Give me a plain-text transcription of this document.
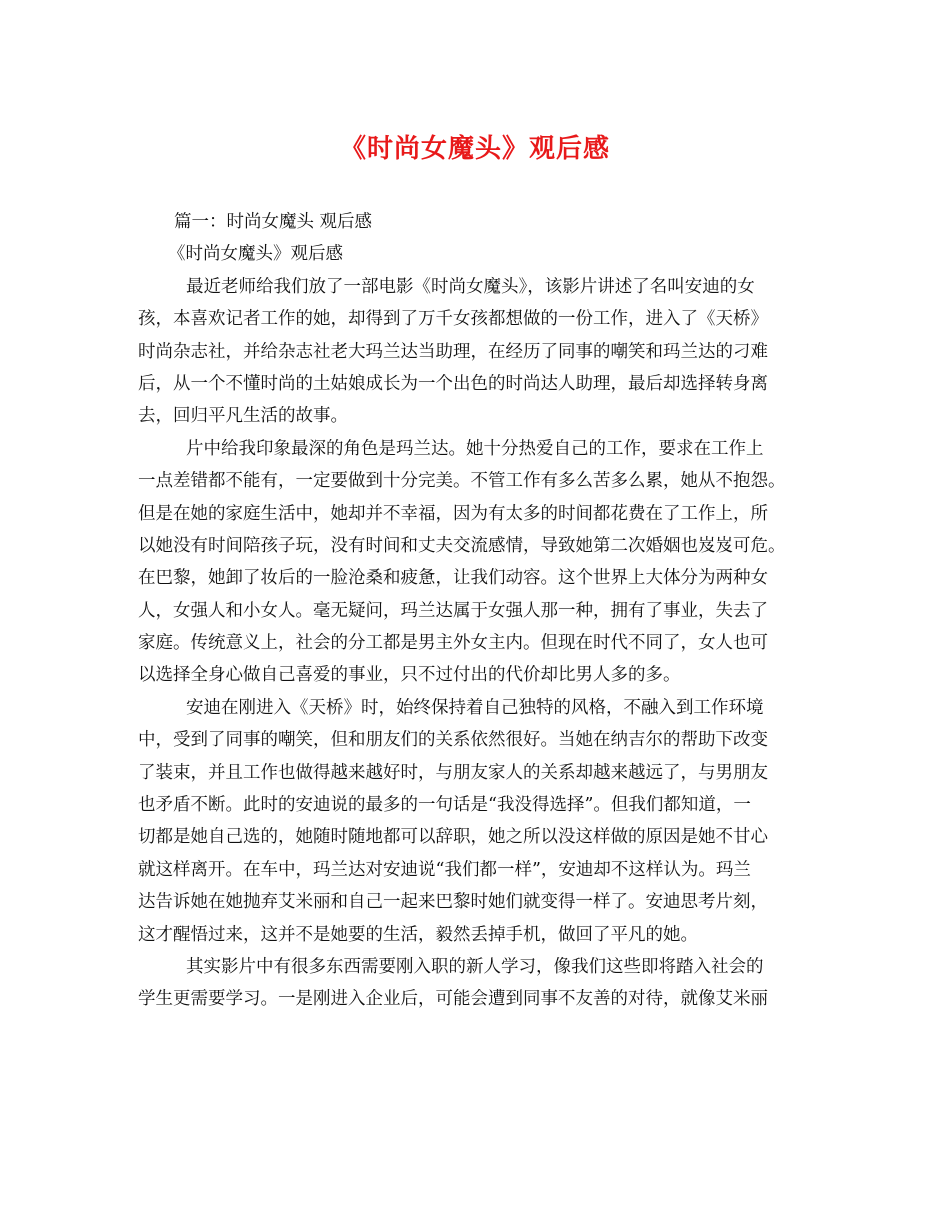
《时尚女魔头》观后感
篇一：时尚女魔头 观后感
《时尚女魔头》观后感
最近老师给我们放了一部电影《时尚女魔头》，该影片讲述了名叫安迪的女
孩，本喜欢记者工作的她，却得到了万千女孩都想做的一份工作，进入了《天桥》
时尚杂志社，并给杂志社老大玛兰达当助理，在经历了同事的嘲笑和玛兰达的刁难
后，从一个不懂时尚的土姑娘成长为一个出色的时尚达人助理，最后却选择转身离
去，回归平凡生活的故事。
片中给我印象最深的角色是玛兰达。她十分热爱自己的工作，要求在工作上
一点差错都不能有，一定要做到十分完美。不管工作有多么苦多么累，她从不抱怨。
但是在她的家庭生活中，她却并不幸福，因为有太多的时间都花费在了工作上，所
以她没有时间陪孩子玩，没有时间和丈夫交流感情，导致她第二次婚姻也岌岌可危。
在巴黎，她卸了妆后的一脸沧桑和疲惫，让我们动容。这个世界上大体分为两种女
人，女强人和小女人。毫无疑问，玛兰达属于女强人那一种，拥有了事业，失去了
家庭。传统意义上，社会的分工都是男主外女主内。但现在时代不同了，女人也可
以选择全身心做自己喜爱的事业，只不过付出的代价却比男人多的多。
安迪在刚进入《天桥》时，始终保持着自己独特的风格，不融入到工作环境
中，受到了同事的嘲笑，但和朋友们的关系依然很好。当她在纳吉尔的帮助下改变
了装束，并且工作也做得越来越好时，与朋友家人的关系却越来越远了，与男朋友
也矛盾不断。此时的安迪说的最多的一句话是“我没得选择”。但我们都知道，一
切都是她自己选的，她随时随地都可以辞职，她之所以没这样做的原因是她不甘心
就这样离开。在车中，玛兰达对安迪说“我们都一样”，安迪却不这样认为。玛兰
达告诉她在她抛弃艾米丽和自己一起来巴黎时她们就变得一样了。安迪思考片刻，
这才醒悟过来，这并不是她要的生活，毅然丢掉手机，做回了平凡的她。
其实影片中有很多东西需要刚入职的新人学习，像我们这些即将踏入社会的
学生更需要学习。一是刚进入企业后，可能会遭到同事不友善的对待，就像艾米丽
